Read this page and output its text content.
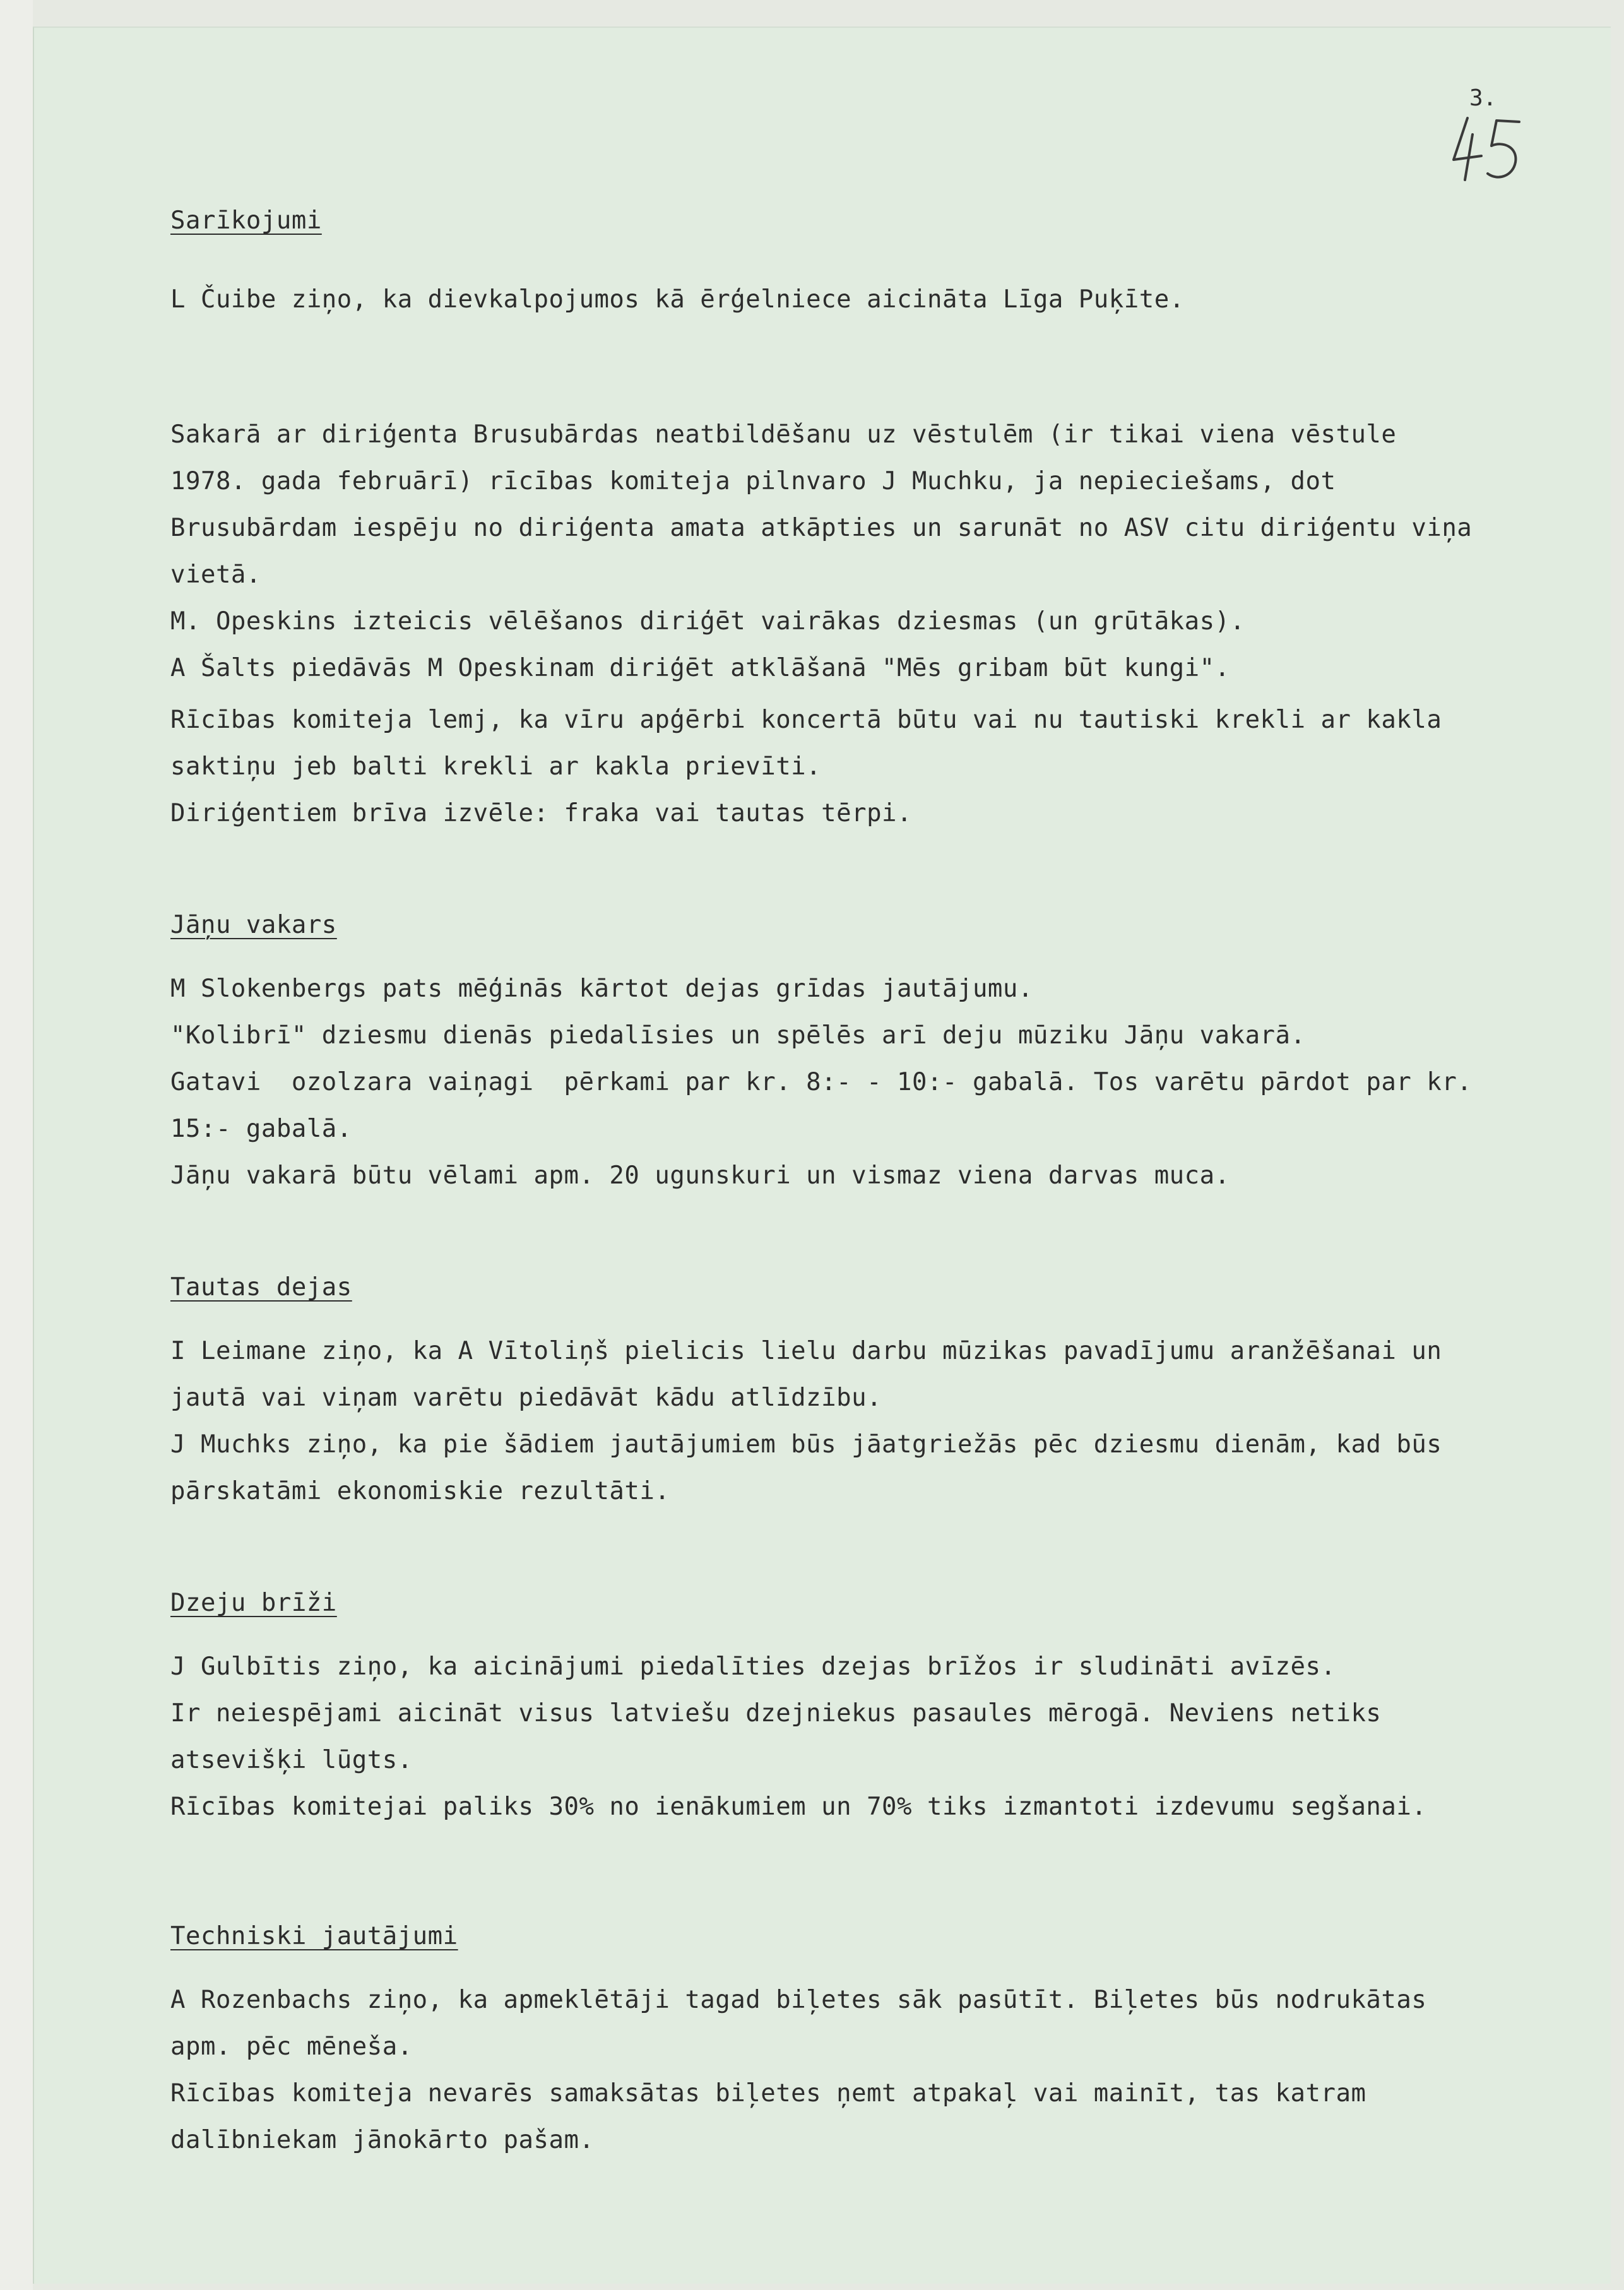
3.

Sarīkojumi

L Čuibe ziņo, ka dievkalpojumos kā ērģelniece aicināta Līga Puķīte.

Sakarā ar diriģenta Brusubārdas neatbildēšanu uz vēstulēm (ir tikai viena vēstule 1978. gada februārī) rīcības komiteja pilnvaro J Muchku, ja nepieciešams, dot Brusubārdam iespēju no diriģenta amata atkāpties un sarunāt no ASV citu diriģentu viņa vietā.

M. Opeskins izteicis vēlēšanos diriģēt vairākas dziesmas (un grūtākas).

A Šalts piedāvās M Opeskinam diriģēt atklāšanā "Mēs gribam būt kungi".

Rīcības komiteja lemj, ka vīru apģērbi koncertā būtu vai nu tautiski krekli ar kakla saktiņu jeb balti krekli ar kakla prievīti.

Diriģentiem brīva izvēle: fraka vai tautas tērpi.

Jāņu vakars

M Slokenbergs pats mēģinās kārtot dejas grīdas jautājumu.

"Kolibrī" dziesmu dienās piedalīsies un spēlēs arī deju mūziku Jāņu vakarā.

Gatavi  ozolzara vaiņagi  pērkami par kr. 8:- - 10:- gabalā. Tos varētu pārdot par kr. 15:- gabalā.

Jāņu vakarā būtu vēlami apm. 20 ugunskuri un vismaz viena darvas muca.

Tautas dejas

I Leimane ziņo, ka A Vītoliņš pielicis lielu darbu mūzikas pavadījumu aranžēšanai un jautā vai viņam varētu piedāvāt kādu atlīdzību.

J Muchks ziņo, ka pie šādiem jautājumiem būs jāatgriežās pēc dziesmu dienām, kad būs pārskatāmi ekonomiskie rezultāti.

Dzeju brīži

J Gulbītis ziņo, ka aicinājumi piedalīties dzejas brīžos ir sludināti avīzēs.

Ir neiespējami aicināt visus latviešu dzejniekus pasaules mērogā. Neviens netiks atsevišķi lūgts.

Rīcības komitejai paliks 30% no ienākumiem un 70% tiks izmantoti izdevumu segšanai.

Techniski jautājumi

A Rozenbachs ziņo, ka apmeklētāji tagad biļetes sāk pasūtīt. Biļetes būs nodrukātas apm. pēc mēneša.

Rīcības komiteja nevarēs samaksātas biļetes ņemt atpakaļ vai mainīt, tas katram dalībniekam jānokārto pašam.
